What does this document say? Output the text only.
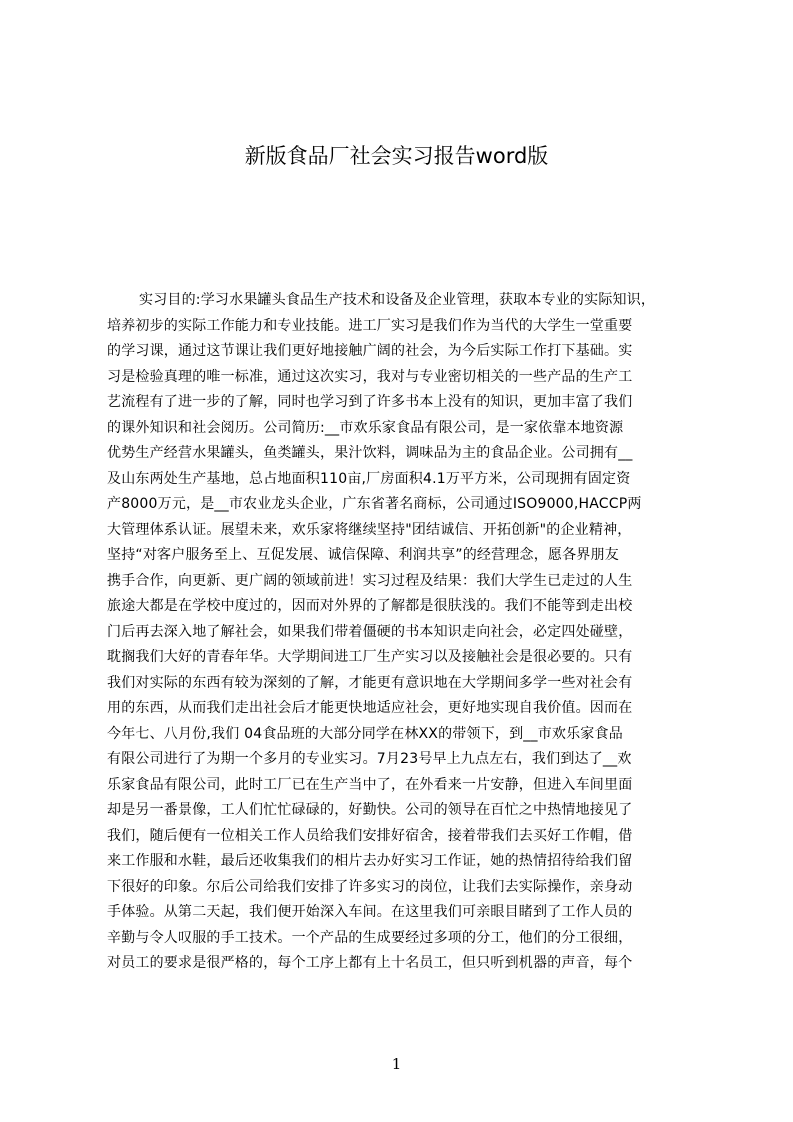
新版食品厂社会实习报告word版
实习目的:学习水果罐头食品生产技术和设备及企业管理，获取本专业的实际知识，
培养初步的实际工作能力和专业技能。进工厂实习是我们作为当代的大学生一堂重要
的学习课，通过这节课让我们更好地接触广阔的社会，为今后实际工作打下基础。实
习是检验真理的唯一标准，通过这次实习，我对与专业密切相关的一些产品的生产工
艺流程有了进一步的了解，同时也学习到了许多书本上没有的知识，更加丰富了我们
的课外知识和社会阅历。公司简历:__市欢乐家食品有限公司，是一家依靠本地资源
优势生产经营水果罐头，鱼类罐头，果汁饮料，调味品为主的食品企业。公司拥有__
及山东两处生产基地，总占地面积110亩,厂房面积4.1万平方米，公司现拥有固定资
产8000万元，是__市农业龙头企业，广东省著名商标，公司通过ISO9000,HACCP两
大管理体系认证。展望未来，欢乐家将继续坚持"团结诚信、开拓创新"的企业精神，
坚持“对客户服务至上、互促发展、诚信保障、利润共享”的经营理念，愿各界朋友
携手合作，向更新、更广阔的领域前进！实习过程及结果：我们大学生已走过的人生
旅途大都是在学校中度过的，因而对外界的了解都是很肤浅的。我们不能等到走出校
门后再去深入地了解社会，如果我们带着僵硬的书本知识走向社会，必定四处碰壁，
耽搁我们大好的青春年华。大学期间进工厂生产实习以及接触社会是很必要的。只有
我们对实际的东西有较为深刻的了解，才能更有意识地在大学期间多学一些对社会有
用的东西，从而我们走出社会后才能更快地适应社会，更好地实现自我价值。因而在
今年七、八月份,我们 04食品班的大部分同学在林XX的带领下，到__市欢乐家食品
有限公司进行了为期一个多月的专业实习。7月23号早上九点左右，我们到达了__欢
乐家食品有限公司，此时工厂已在生产当中了，在外看来一片安静，但进入车间里面
却是另一番景像，工人们忙忙碌碌的，好勤快。公司的领导在百忙之中热情地接见了
我们，随后便有一位相关工作人员给我们安排好宿舍，接着带我们去买好工作帽，借
来工作服和水鞋，最后还收集我们的相片去办好实习工作证，她的热情招待给我们留
下很好的印象。尔后公司给我们安排了许多实习的岗位，让我们去实际操作，亲身动
手体验。从第二天起，我们便开始深入车间。在这里我们可亲眼目睹到了工作人员的
辛勤与令人叹服的手工技术。一个产品的生成要经过多项的分工，他们的分工很细，
对员工的要求是很严格的，每个工序上都有上十名员工，但只听到机器的声音，每个
1
